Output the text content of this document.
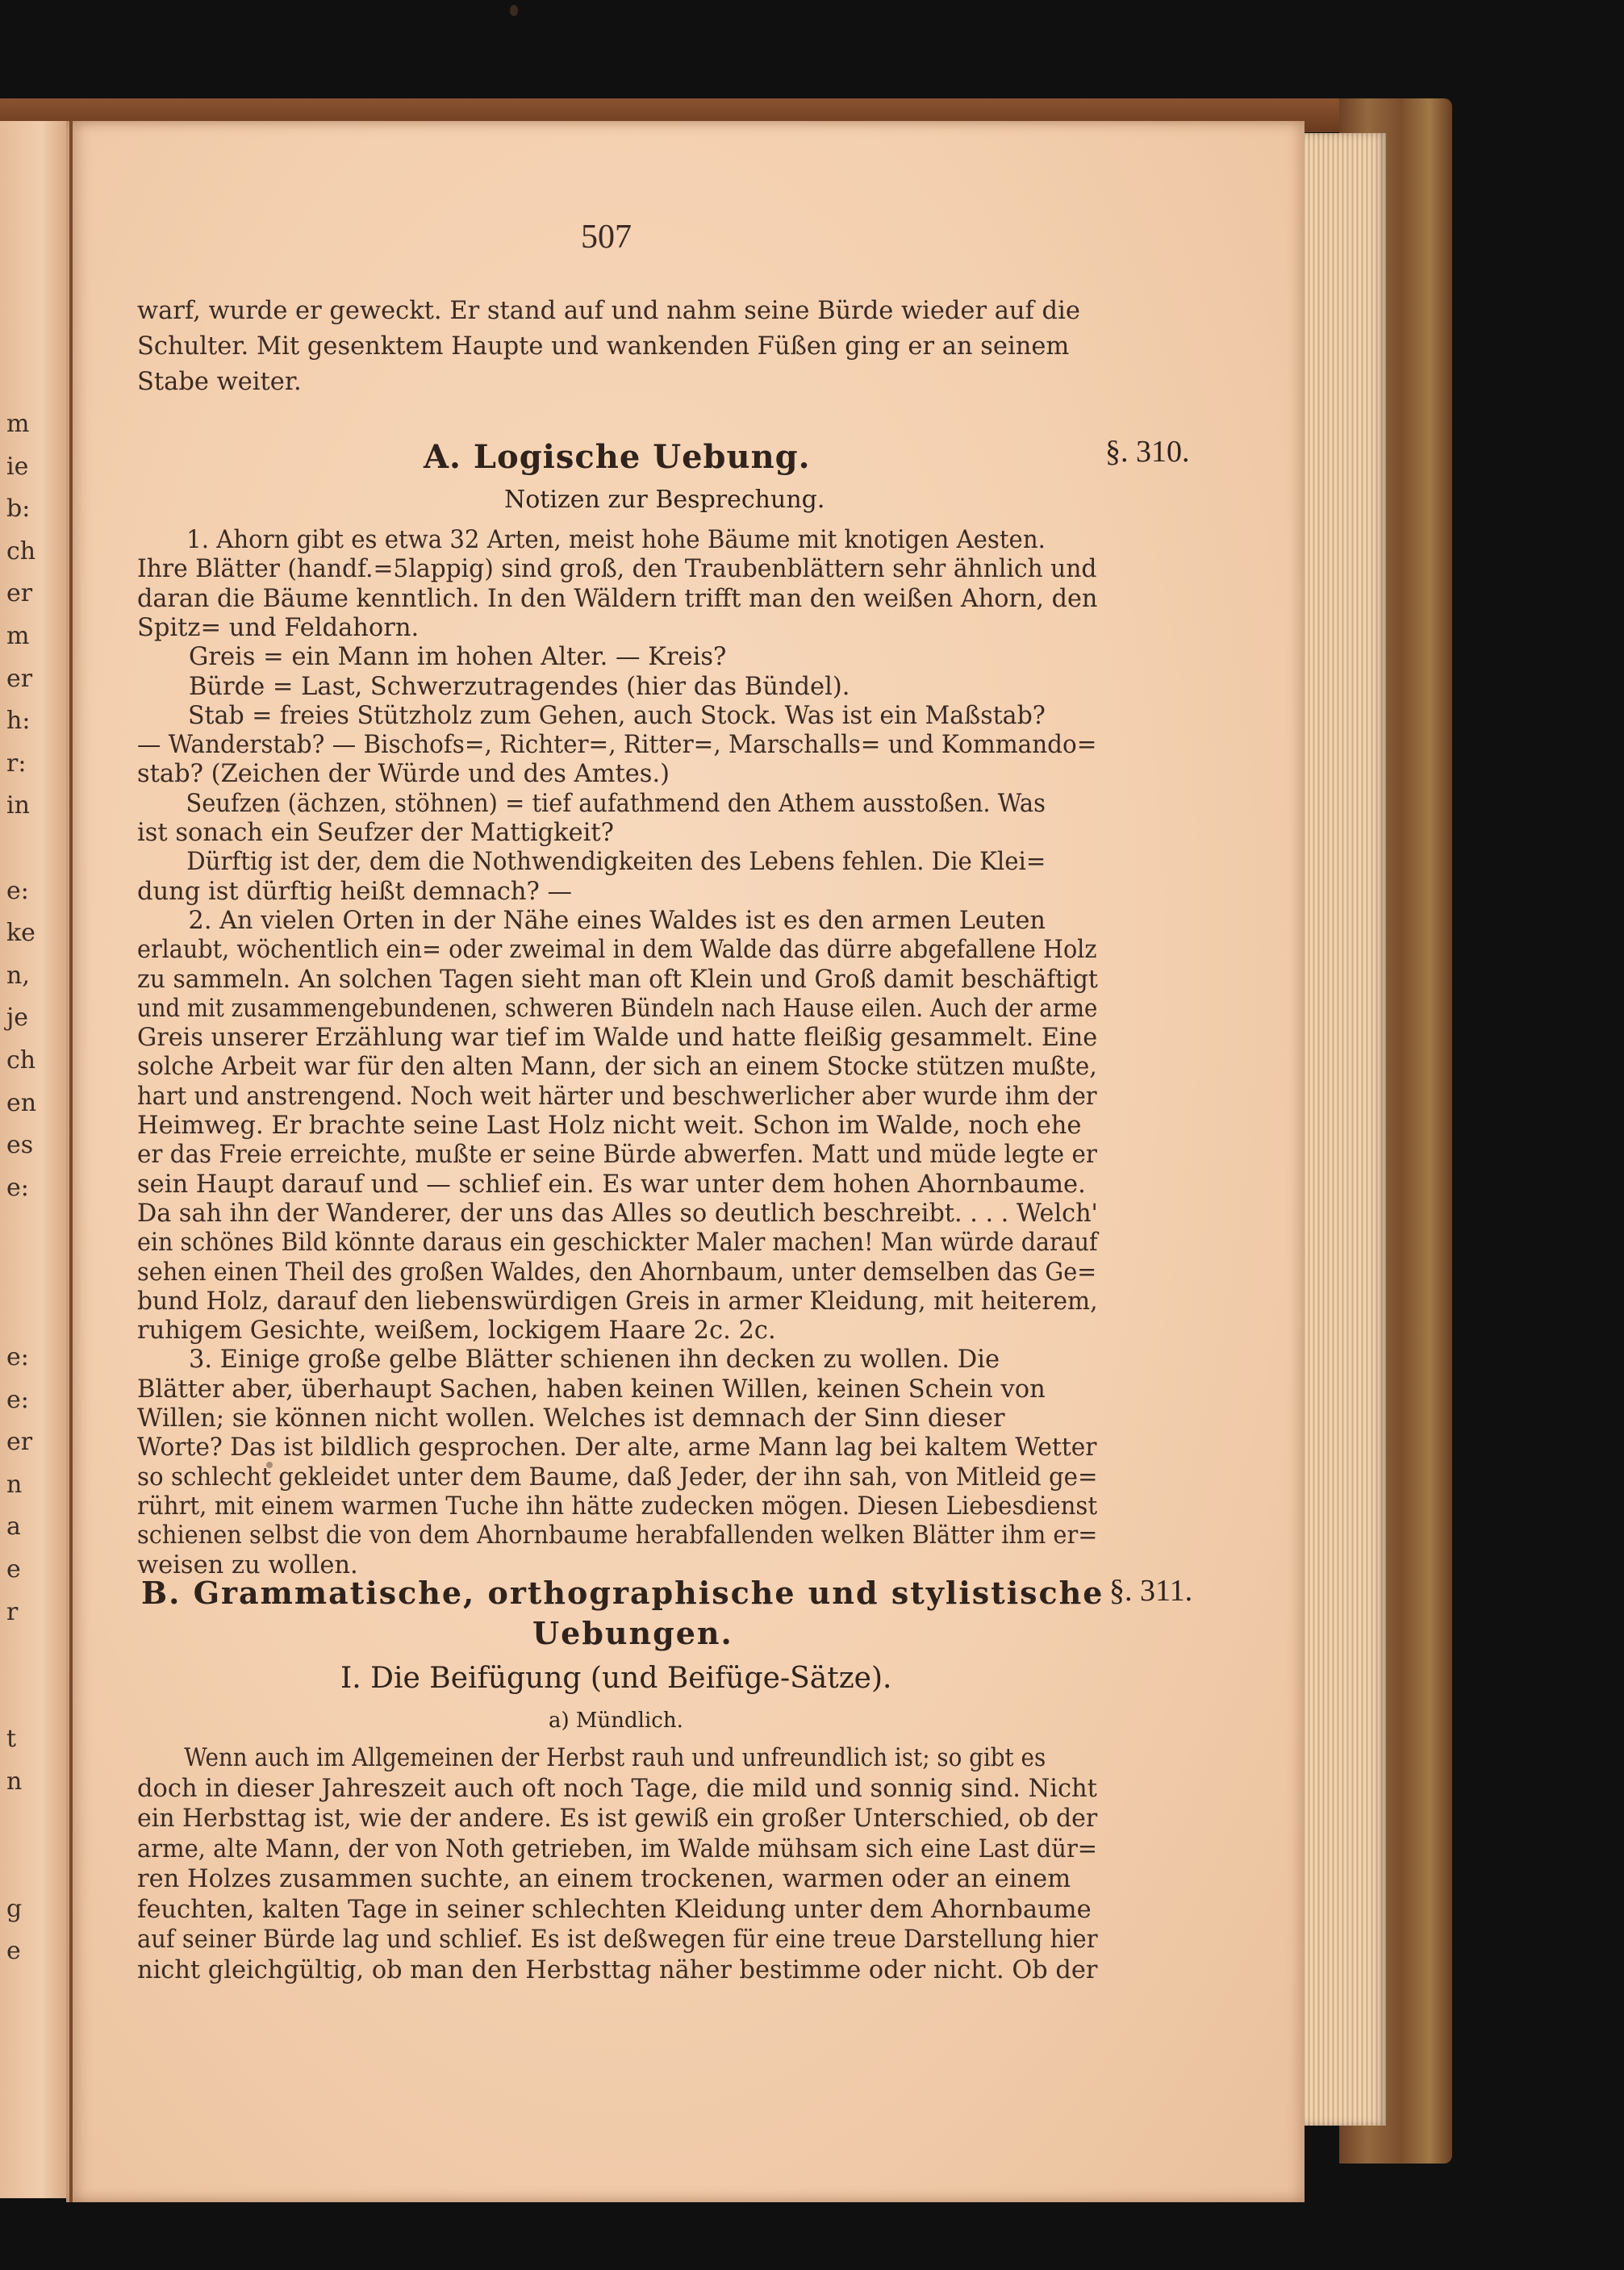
m
ie
b:
ch
er
m
er
h:
r:
in
e:
ke
n,
je
ch
en
es
e:
e:
e:
er
n
a
e
r
t
n
g
e
507
warf, wurde er geweckt. Er stand auf und nahm seine Bürde wieder auf die
Schulter. Mit gesenktem Haupte und wankenden Füßen ging er an seinem
Stabe weiter.
A. Logische Uebung.	§. 310.
Notizen zur Besprechung.
1. Ahorn gibt es etwa 32 Arten, meist hohe Bäume mit knotigen Aesten.
Ihre Blätter (handf.=5lappig) sind groß, den Traubenblättern sehr ähnlich und
daran die Bäume kenntlich. In den Wäldern trifft man den weißen Ahorn, den
Spitz= und Feldahorn.
Greis = ein Mann im hohen Alter. — Kreis?
Bürde = Last, Schwerzutragendes (hier das Bündel).
Stab = freies Stützholz zum Gehen, auch Stock. Was ist ein Maßstab?
— Wanderstab? — Bischofs=, Richter=, Ritter=, Marschalls= und Kommando=
stab? (Zeichen der Würde und des Amtes.)
Seufzen (ächzen, stöhnen) = tief aufathmend den Athem ausstoßen. Was
ist sonach ein Seufzer der Mattigkeit?
Dürftig ist der, dem die Nothwendigkeiten des Lebens fehlen. Die Klei=
dung ist dürftig heißt demnach? —
2. An vielen Orten in der Nähe eines Waldes ist es den armen Leuten
erlaubt, wöchentlich ein= oder zweimal in dem Walde das dürre abgefallene Holz
zu sammeln. An solchen Tagen sieht man oft Klein und Groß damit beschäftigt
und mit zusammengebundenen, schweren Bündeln nach Hause eilen. Auch der arme
Greis unserer Erzählung war tief im Walde und hatte fleißig gesammelt. Eine
solche Arbeit war für den alten Mann, der sich an einem Stocke stützen mußte,
hart und anstrengend. Noch weit härter und beschwerlicher aber wurde ihm der
Heimweg. Er brachte seine Last Holz nicht weit. Schon im Walde, noch ehe
er das Freie erreichte, mußte er seine Bürde abwerfen. Matt und müde legte er
sein Haupt darauf und — schlief ein. Es war unter dem hohen Ahornbaume.
Da sah ihn der Wanderer, der uns das Alles so deutlich beschreibt. . . . Welch'
ein schönes Bild könnte daraus ein geschickter Maler machen! Man würde darauf
sehen einen Theil des großen Waldes, den Ahornbaum, unter demselben das Ge=
bund Holz, darauf den liebenswürdigen Greis in armer Kleidung, mit heiterem,
ruhigem Gesichte, weißem, lockigem Haare 2c. 2c.
3. Einige große gelbe Blätter schienen ihn decken zu wollen. Die
Blätter aber, überhaupt Sachen, haben keinen Willen, keinen Schein von
Willen; sie können nicht wollen. Welches ist demnach der Sinn dieser
Worte? Das ist bildlich gesprochen. Der alte, arme Mann lag bei kaltem Wetter
so schlecht gekleidet unter dem Baume, daß Jeder, der ihn sah, von Mitleid ge=
rührt, mit einem warmen Tuche ihn hätte zudecken mögen. Diesen Liebesdienst
schienen selbst die von dem Ahornbaume herabfallenden welken Blätter ihm er=
weisen zu wollen.
B. Grammatische, orthographische und stylistische
Uebungen.
§. 311.
I. Die Beifügung (und Beifüge-Sätze).
a) Mündlich.
Wenn auch im Allgemeinen der Herbst rauh und unfreundlich ist; so gibt es
doch in dieser Jahreszeit auch oft noch Tage, die mild und sonnig sind. Nicht
ein Herbsttag ist, wie der andere. Es ist gewiß ein großer Unterschied, ob der
arme, alte Mann, der von Noth getrieben, im Walde mühsam sich eine Last dür=
ren Holzes zusammen suchte, an einem trockenen, warmen oder an einem
feuchten, kalten Tage in seiner schlechten Kleidung unter dem Ahornbaume
auf seiner Bürde lag und schlief. Es ist deßwegen für eine treue Darstellung hier
nicht gleichgültig, ob man den Herbsttag näher bestimme oder nicht. Ob der
